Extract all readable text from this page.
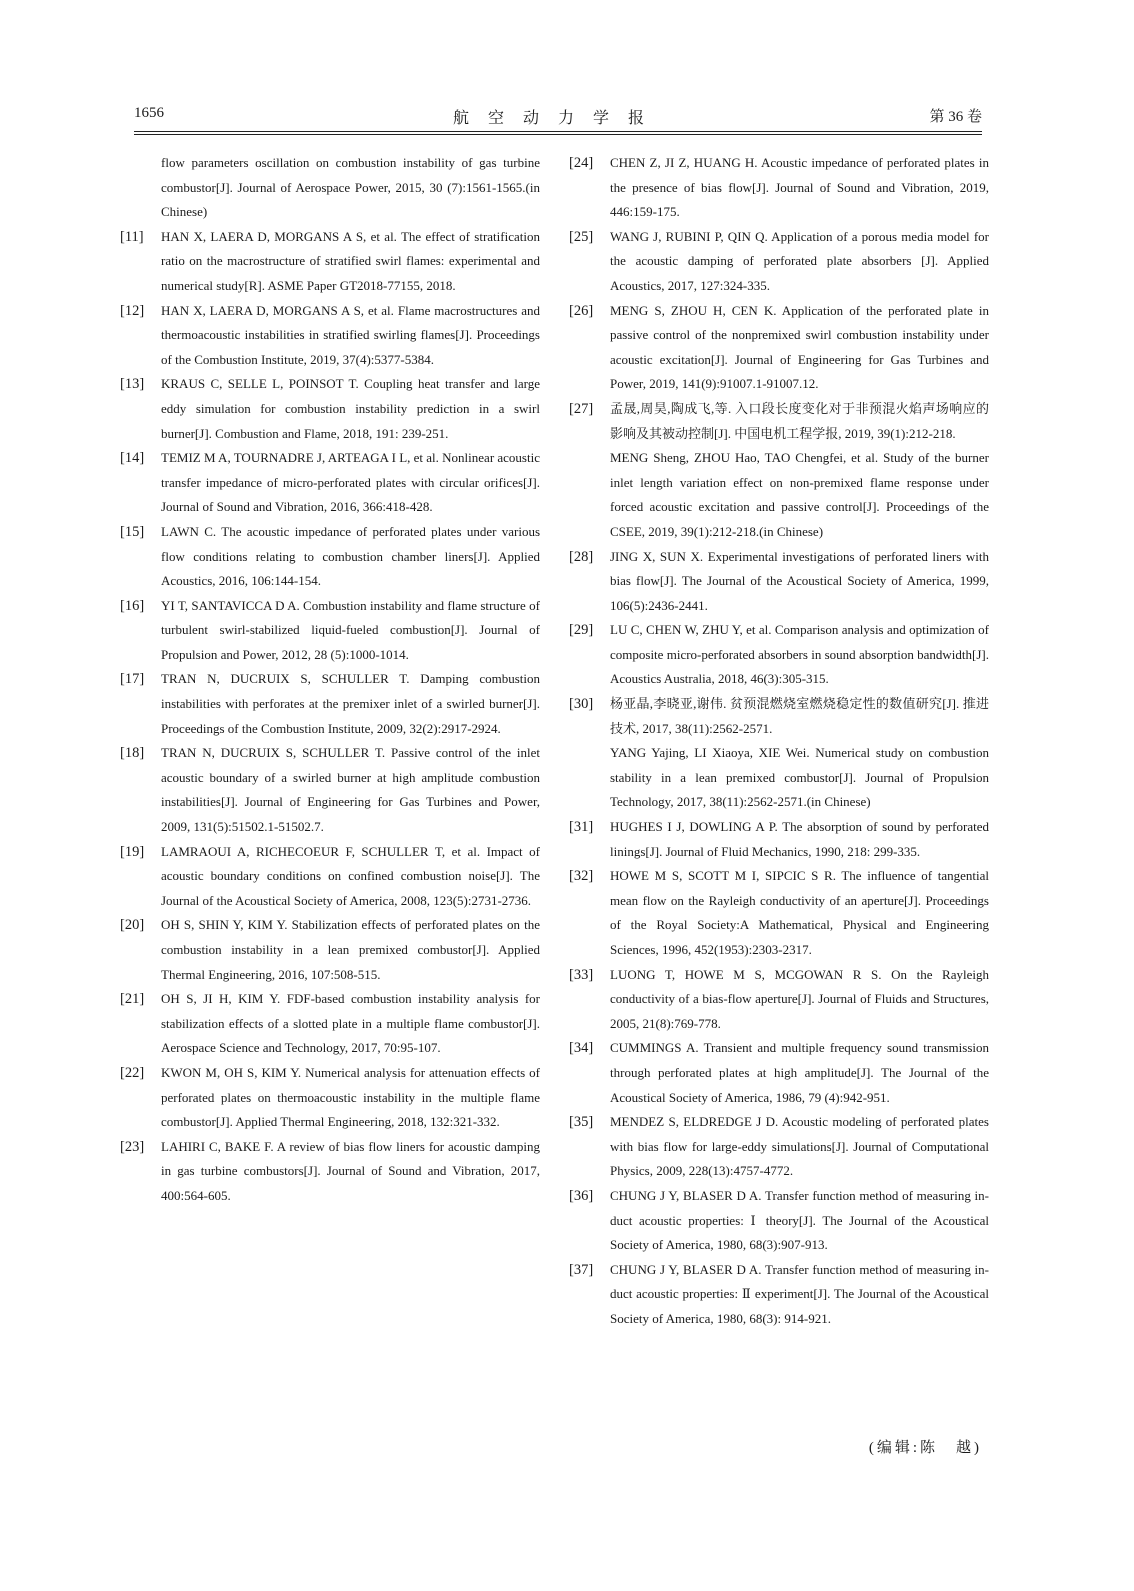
1656	航空动力学报	第 36 卷
flow parameters oscillation on combustion instability of gas turbine combustor[J]. Journal of Aerospace Power, 2015, 30 (7):1561-1565.(in Chinese)
[11] HAN X, LAERA D, MORGANS A S, et al. The effect of stratification ratio on the macrostructure of stratified swirl flames: experimental and numerical study[R]. ASME Paper GT2018-77155, 2018.
[12] HAN X, LAERA D, MORGANS A S, et al. Flame macrostructures and thermoacoustic instabilities in stratified swirling flames[J]. Proceedings of the Combustion Institute, 2019, 37(4):5377-5384.
[13] KRAUS C, SELLE L, POINSOT T. Coupling heat transfer and large eddy simulation for combustion instability prediction in a swirl burner[J]. Combustion and Flame, 2018, 191: 239-251.
[14] TEMIZ M A, TOURNADRE J, ARTEAGA I L, et al. Nonlinear acoustic transfer impedance of micro-perforated plates with circular orifices[J]. Journal of Sound and Vibration, 2016, 366:418-428.
[15] LAWN C. The acoustic impedance of perforated plates under various flow conditions relating to combustion chamber liners[J]. Applied Acoustics, 2016, 106:144-154.
[16] YI T, SANTAVICCA D A. Combustion instability and flame structure of turbulent swirl-stabilized liquid-fueled combustion[J]. Journal of Propulsion and Power, 2012, 28 (5):1000-1014.
[17] TRAN N, DUCRUIX S, SCHULLER T. Damping combustion instabilities with perforates at the premixer inlet of a swirled burner[J]. Proceedings of the Combustion Institute, 2009, 32(2):2917-2924.
[18] TRAN N, DUCRUIX S, SCHULLER T. Passive control of the inlet acoustic boundary of a swirled burner at high amplitude combustion instabilities[J]. Journal of Engineering for Gas Turbines and Power, 2009, 131(5):51502.1-51502.7.
[19] LAMRAOUI A, RICHECOEUR F, SCHULLER T, et al. Impact of acoustic boundary conditions on confined combustion noise[J]. The Journal of the Acoustical Society of America, 2008, 123(5):2731-2736.
[20] OH S, SHIN Y, KIM Y. Stabilization effects of perforated plates on the combustion instability in a lean premixed combustor[J]. Applied Thermal Engineering, 2016, 107:508-515.
[21] OH S, JI H, KIM Y. FDF-based combustion instability analysis for stabilization effects of a slotted plate in a multiple flame combustor[J]. Aerospace Science and Technology, 2017, 70:95-107.
[22] KWON M, OH S, KIM Y. Numerical analysis for attenuation effects of perforated plates on thermoacoustic instability in the multiple flame combustor[J]. Applied Thermal Engineering, 2018, 132:321-332.
[23] LAHIRI C, BAKE F. A review of bias flow liners for acoustic damping in gas turbine combustors[J]. Journal of Sound and Vibration, 2017, 400:564-605.
[24] CHEN Z, JI Z, HUANG H. Acoustic impedance of perforated plates in the presence of bias flow[J]. Journal of Sound and Vibration, 2019, 446:159-175.
[25] WANG J, RUBINI P, QIN Q. Application of a porous media model for the acoustic damping of perforated plate absorbers [J]. Applied Acoustics, 2017, 127:324-335.
[26] MENG S, ZHOU H, CEN K. Application of the perforated plate in passive control of the nonpremixed swirl combustion instability under acoustic excitation[J]. Journal of Engineering for Gas Turbines and Power, 2019, 141(9):91007.1-91007.12.
[27] 孟晟,周昊,陶成飞,等. 入口段长度变化对于非预混火焰声场响应的影响及其被动控制[J]. 中国电机工程学报, 2019, 39(1):212-218.
MENG Sheng, ZHOU Hao, TAO Chengfei, et al. Study of the burner inlet length variation effect on non-premixed flame response under forced acoustic excitation and passive control[J]. Proceedings of the CSEE, 2019, 39(1):212-218.(in Chinese)
[28] JING X, SUN X. Experimental investigations of perforated liners with bias flow[J]. The Journal of the Acoustical Society of America, 1999, 106(5):2436-2441.
[29] LU C, CHEN W, ZHU Y, et al. Comparison analysis and optimization of composite micro-perforated absorbers in sound absorption bandwidth[J]. Acoustics Australia, 2018, 46(3):305-315.
[30] 杨亚晶,李晓亚,谢伟. 贫预混燃烧室燃烧稳定性的数值研究[J]. 推进技术, 2017, 38(11):2562-2571.
YANG Yajing, LI Xiaoya, XIE Wei. Numerical study on combustion stability in a lean premixed combustor[J]. Journal of Propulsion Technology, 2017, 38(11):2562-2571.(in Chinese)
[31] HUGHES I J, DOWLING A P. The absorption of sound by perforated linings[J]. Journal of Fluid Mechanics, 1990, 218: 299-335.
[32] HOWE M S, SCOTT M I, SIPCIC S R. The influence of tangential mean flow on the Rayleigh conductivity of an aperture[J]. Proceedings of the Royal Society:A Mathematical, Physical and Engineering Sciences, 1996, 452(1953):2303-2317.
[33] LUONG T, HOWE M S, MCGOWAN R S. On the Rayleigh conductivity of a bias-flow aperture[J]. Journal of Fluids and Structures, 2005, 21(8):769-778.
[34] CUMMINGS A. Transient and multiple frequency sound transmission through perforated plates at high amplitude[J]. The Journal of the Acoustical Society of America, 1986, 79 (4):942-951.
[35] MENDEZ S, ELDREDGE J D. Acoustic modeling of perforated plates with bias flow for large-eddy simulations[J]. Journal of Computational Physics, 2009, 228(13):4757-4772.
[36] CHUNG J Y, BLASER D A. Transfer function method of measuring in-duct acoustic properties: Ⅰ theory[J]. The Journal of the Acoustical Society of America, 1980, 68(3):907-913.
[37] CHUNG J Y, BLASER D A. Transfer function method of measuring in-duct acoustic properties: Ⅱ experiment[J]. The Journal of the Acoustical Society of America, 1980, 68(3): 914-921.
(编辑:陈　越)
